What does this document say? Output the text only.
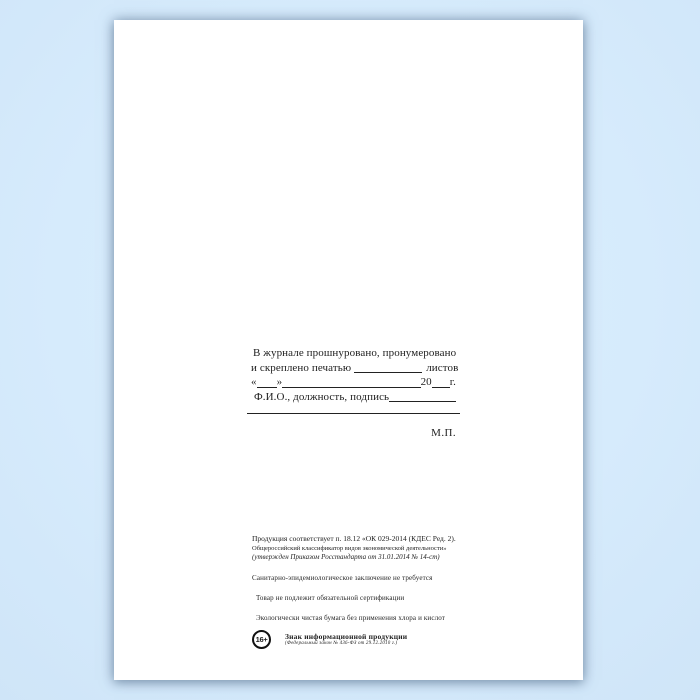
В журнале прошнуровано, пронумеровано
и скреплено печатью	листов
« »	20 г.
Ф.И.О., должность, подпись
М.П.
Продукция соответствует п. 18.12 «ОК 029-2014 (КДЕС Ред. 2).
Общероссийский классификатор видов экономической деятельности»
(утвержден Приказом Росстандарта от 31.01.2014 № 14-ст)
Санитарно-эпидемиологическое заключение не требуется
Товар не подлежит обязательной сертификации
Экологически чистая бумага без применения хлора и кислот
16+	Знак информационной продукции
(Федеральный закон № 436-ФЗ от 29.12.2010 г.)
